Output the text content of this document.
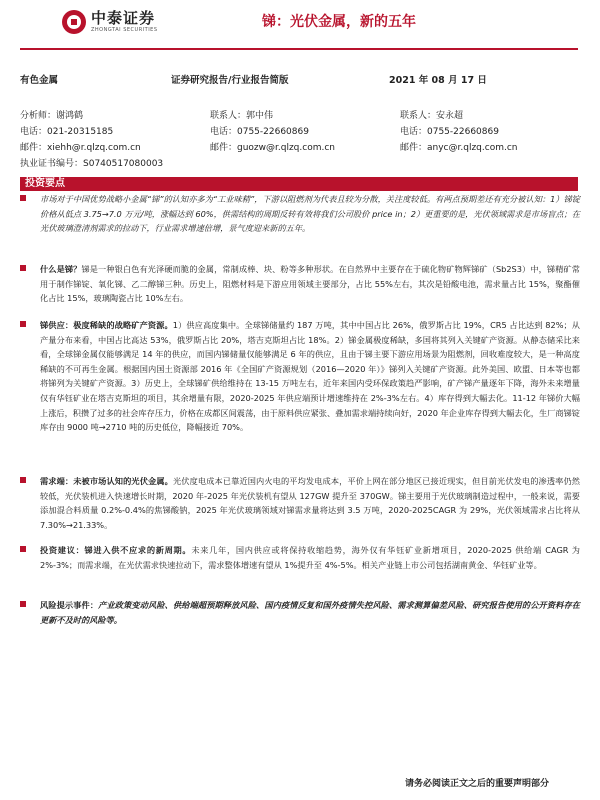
中泰证券
ZHONGTAI SECURITIES	锑：光伏金属，新的五年
有色金属	证券研究报告/行业报告简版	2021 年 08 月 17 日
分析师：谢鸿鹤
电话：021-20315185
邮件：xiehh@r.qlzq.com.cn
执业证书编号：S0740517080003
联系人：郭中伟
电话：0755-22660869
邮件：guozw@r.qlzq.com.cn
联系人：安永超
电话：0755-22660869
邮件：anyc@r.qlzq.com.cn
投资要点
市场对于中国优势战略小金属“锑”的认知亦多为“工业味精”，下游以阻燃剂为代表且较为分散，关注度较低。有两点预期差还有充分被认知：1）锑锭价格从低点 3.75→7.0 万元/吨，涨幅达到 60%，供需结构的周期反转有效将我们公司股价 price in；2）更重要的是，光伏领域需求是市场盲点；在光伏玻璃澄清剂需求的拉动下，行业需求增速倍增，景气度迎来新的五年。
什么是锑？锑是一种银白色有光泽硬而脆的金属，常制成棒、块、粉等多种形状。在自然界中主要存在于硫化物矿物辉锑矿（Sb2S3）中，锑精矿常用于制作锑锭、氧化锑、乙二醇锑三种。历史上，阻燃材料是下游应用领域主要部分，占比 55%左右，其次是铅酸电池，需求量占比 15%，聚酯催化占比 15%，玻璃陶瓷占比 10%左右。
锑供应：极度稀缺的战略矿产资源。1）供应高度集中。全球锑储量约 187 万吨，其中中国占比 26%，俄罗斯占比 19%，CR5 占比达到 82%；从产量分布来看，中国占比高达 53%，俄罗斯占比 20%，塔吉克斯坦占比 18%。2）锑金属极度稀缺，多国将其列入关键矿产资源。从静态储采比来看，全球锑金属仅能够满足 14 年的供应，而国内锑储量仅能够满足 6 年的供应，且由于锑主要下游应用场景为阻燃剂，回收难度较大，是一种高度稀缺的不可再生金属。根据国内国土资源部 2016 年《全国矿产资源规划（2016—2020 年）》锑列入关键矿产资源。此外美国、欧盟、日本等也都将锑列为关键矿产资源。3）历史上，全球锑矿供给维持在 13-15 万吨左右，近年来国内受环保政策趋严影响，矿产锑产量逐年下降，海外未来增量仅有华钰矿业在塔吉克斯坦的项目，其余增量有限，2020-2025 年供应端预计增速维持在 2%-3%左右。4）库存得到大幅去化。11-12 年锑价大幅上涨后，积攒了过多的社会库存压力，价格在成都区间震荡，由于原料供应紧张、叠加需求端持续向好，2020 年企业库存得到大幅去化，生厂商锑锭库存由 9000 吨→2710 吨的历史低位，降幅接近 70%。
需求端：未被市场认知的光伏金属。光伏度电成本已靠近国内火电的平均发电成本，平价上网在部分地区已接近现实，但目前光伏发电的渗透率仍然较低，光伏装机进入快速增长时期，2020 年-2025 年光伏装机有望从 127GW 提升至 370GW。锑主要用于光伏玻璃制造过程中，一般来说，需要添加混合料质量 0.2%-0.4%的焦锑酸钠，2025 年光伏玻璃领域对锑需求量将达到 3.5 万吨，2020-2025CAGR 为 29%，光伏领域需求占比将从 7.30%→21.33%。
投资建议：锑进入供不应求的新周期。未来几年，国内供应或将保持收缩趋势，海外仅有华钰矿业新增项目，2020-2025 供给端 CAGR 为 2%-3%；而需求端，在光伏需求快速拉动下，需求整体增速有望从 1%提升至 4%-5%。相关产业链上市公司包括湖南黄金、华钰矿业等。
风险提示事件：产业政策变动风险、供给端超预期释放风险、国内疫情反复和国外疫情失控风险、需求测算偏差风险、研究报告使用的公开资料存在更新不及时的风险等。
请务必阅读正文之后的重要声明部分
